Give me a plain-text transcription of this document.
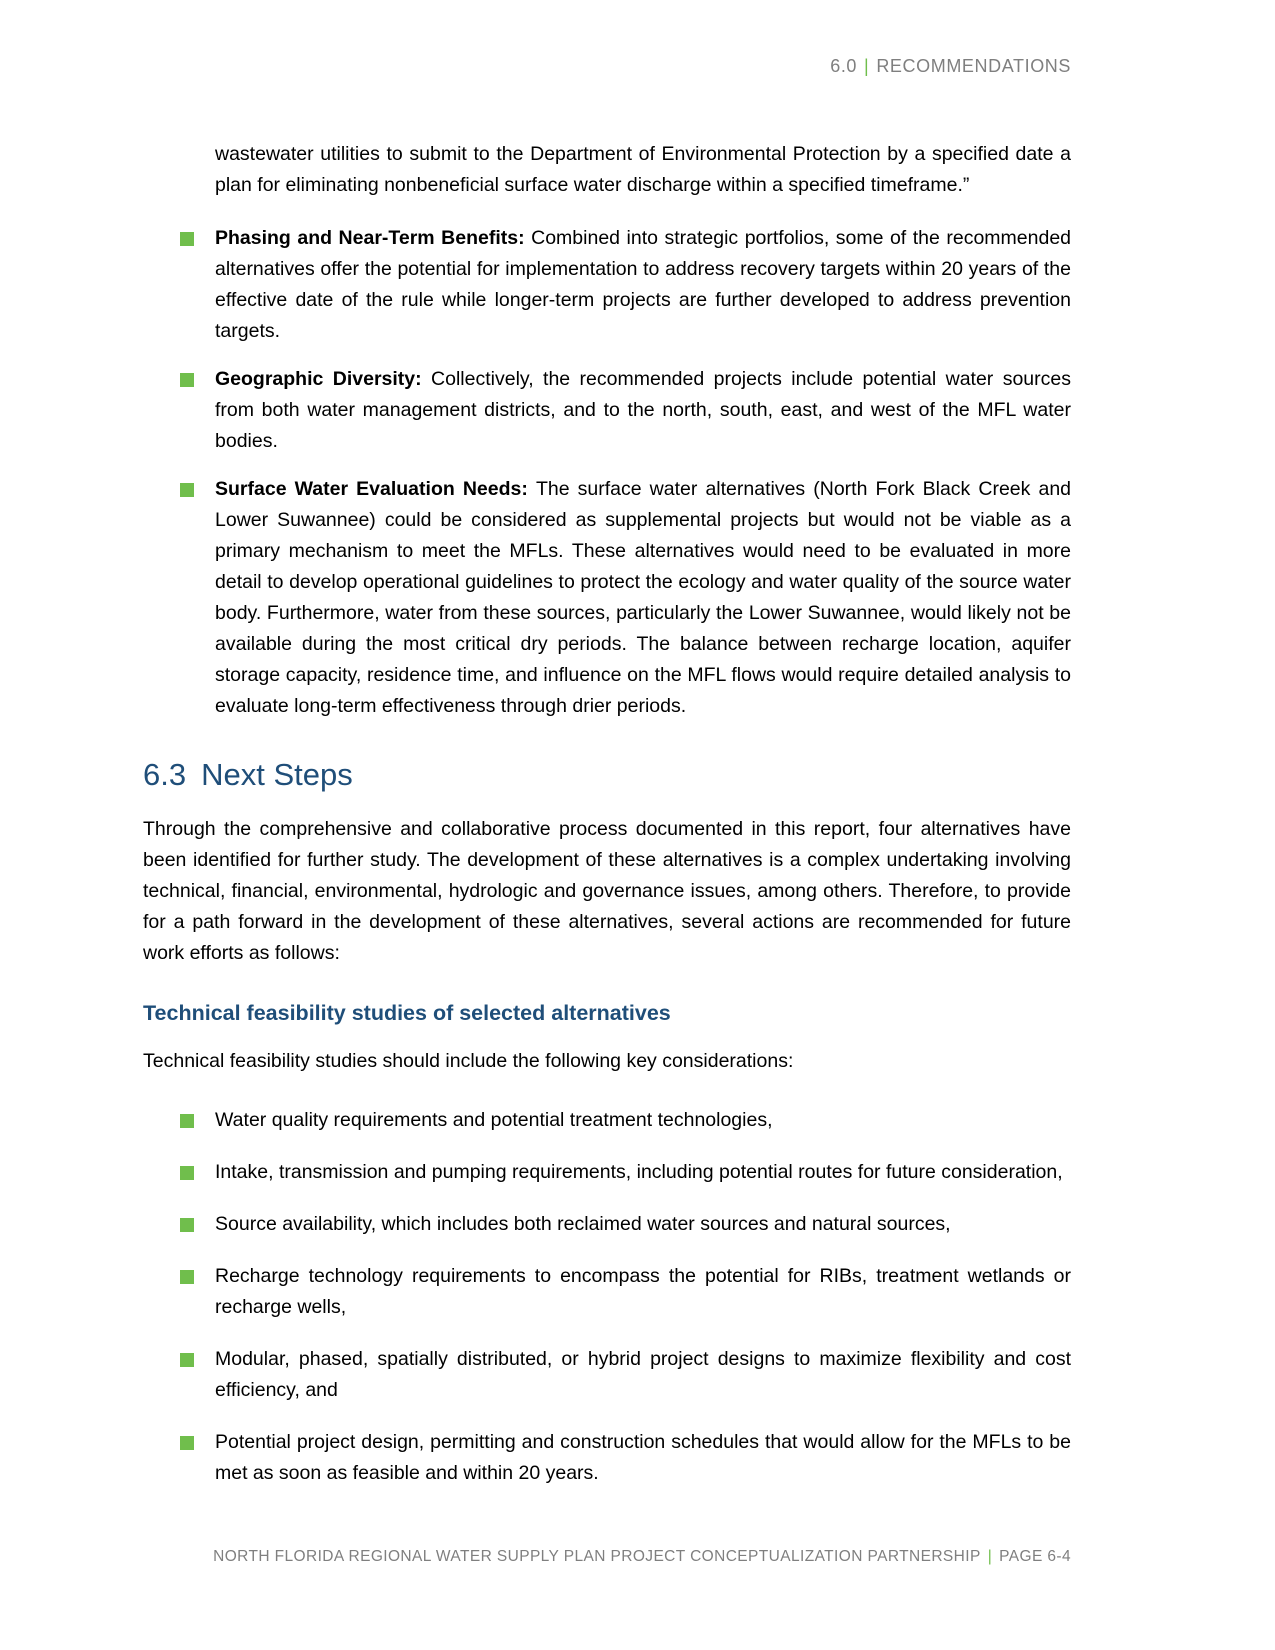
6.0 | RECOMMENDATIONS

wastewater utilities to submit to the Department of Environmental Protection by a specified date a plan for eliminating nonbeneficial surface water discharge within a specified timeframe.”

Phasing and Near-Term Benefits: Combined into strategic portfolios, some of the recommended alternatives offer the potential for implementation to address recovery targets within 20 years of the effective date of the rule while longer-term projects are further developed to address prevention targets.
Geographic Diversity: Collectively, the recommended projects include potential water sources from both water management districts, and to the north, south, east, and west of the MFL water bodies.
Surface Water Evaluation Needs: The surface water alternatives (North Fork Black Creek and Lower Suwannee) could be considered as supplemental projects but would not be viable as a primary mechanism to meet the MFLs. These alternatives would need to be evaluated in more detail to develop operational guidelines to protect the ecology and water quality of the source water body. Furthermore, water from these sources, particularly the Lower Suwannee, would likely not be available during the most critical dry periods. The balance between recharge location, aquifer storage capacity, residence time, and influence on the MFL flows would require detailed analysis to evaluate long-term effectiveness through drier periods.
6.3 Next Steps

Through the comprehensive and collaborative process documented in this report, four alternatives have been identified for further study. The development of these alternatives is a complex undertaking involving technical, financial, environmental, hydrologic and governance issues, among others. Therefore, to provide for a path forward in the development of these alternatives, several actions are recommended for future work efforts as follows:

Technical feasibility studies of selected alternatives

Technical feasibility studies should include the following key considerations:

Water quality requirements and potential treatment technologies,
Intake, transmission and pumping requirements, including potential routes for future consideration,
Source availability, which includes both reclaimed water sources and natural sources,
Recharge technology requirements to encompass the potential for RIBs, treatment wetlands or recharge wells,
Modular, phased, spatially distributed, or hybrid project designs to maximize flexibility and cost efficiency, and
Potential project design, permitting and construction schedules that would allow for the MFLs to be met as soon as feasible and within 20 years.
NORTH FLORIDA REGIONAL WATER SUPPLY PLAN PROJECT CONCEPTUALIZATION PARTNERSHIP | PAGE 6-4
